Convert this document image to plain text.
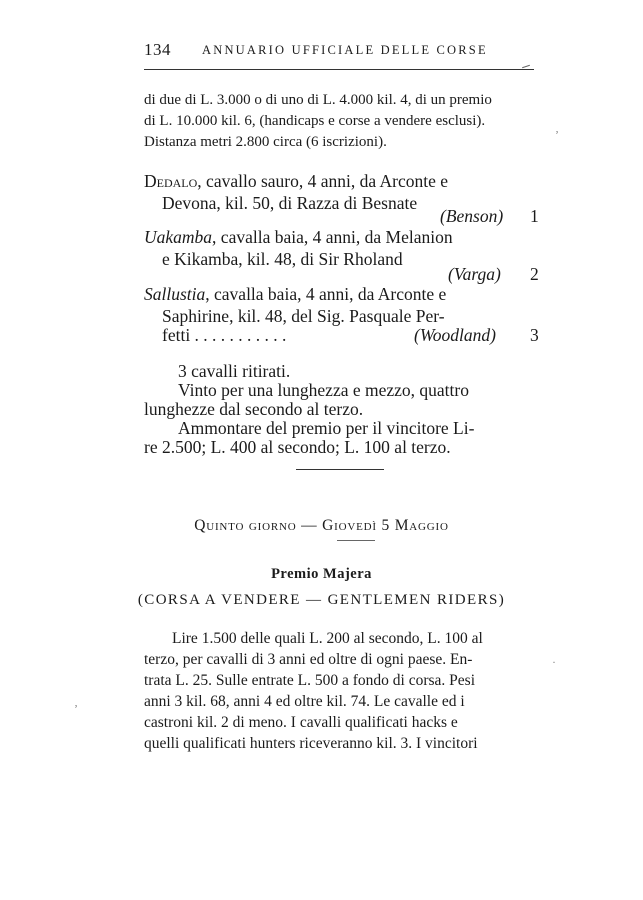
134 ANNUARIO UFFICIALE DELLE CORSE
di due di L. 3.000 o di uno di L. 4.000 kil. 4, di un premio
di L. 10.000 kil. 6, (handicaps e corse a vendere esclusi).
Distanza metri 2.800 circa (6 iscrizioni).
Dedalo, cavallo sauro, 4 anni, da Arconte e
Devona, kil. 50, di Razza di Besnate
(Benson) 1
Uakamba, cavalla baia, 4 anni, da Melanion
e Kikamba, kil. 48, di Sir Rholand
(Varga) 2
Sallustia, cavalla baia, 4 anni, da Arconte e
Saphirine, kil. 48, del Sig. Pasquale Per-
fetti . . . . . . . . . . .	(Woodland) 3
3 cavalli ritirati.
Vinto per una lunghezza e mezzo, quattro
lunghezze dal secondo al terzo.
Ammontare del premio per il vincitore Li-
re 2.500; L. 400 al secondo; L. 100 al terzo.
Quinto giorno — Giovedì 5 Maggio
Premio Majera
(CORSA A VENDERE — GENTLEMEN RIDERS)
Lire 1.500 delle quali L. 200 al secondo, L. 100 al
terzo, per cavalli di 3 anni ed oltre di ogni paese. En-
trata L. 25. Sulle entrate L. 500 a fondo di corsa. Pesi
anni 3 kil. 68, anni 4 ed oltre kil. 74. Le cavalle ed i
castroni kil. 2 di meno. I cavalli qualificati hacks e
quelli qualificati hunters riceveranno kil. 3. I vincitori
ʼ
·
ʼ
